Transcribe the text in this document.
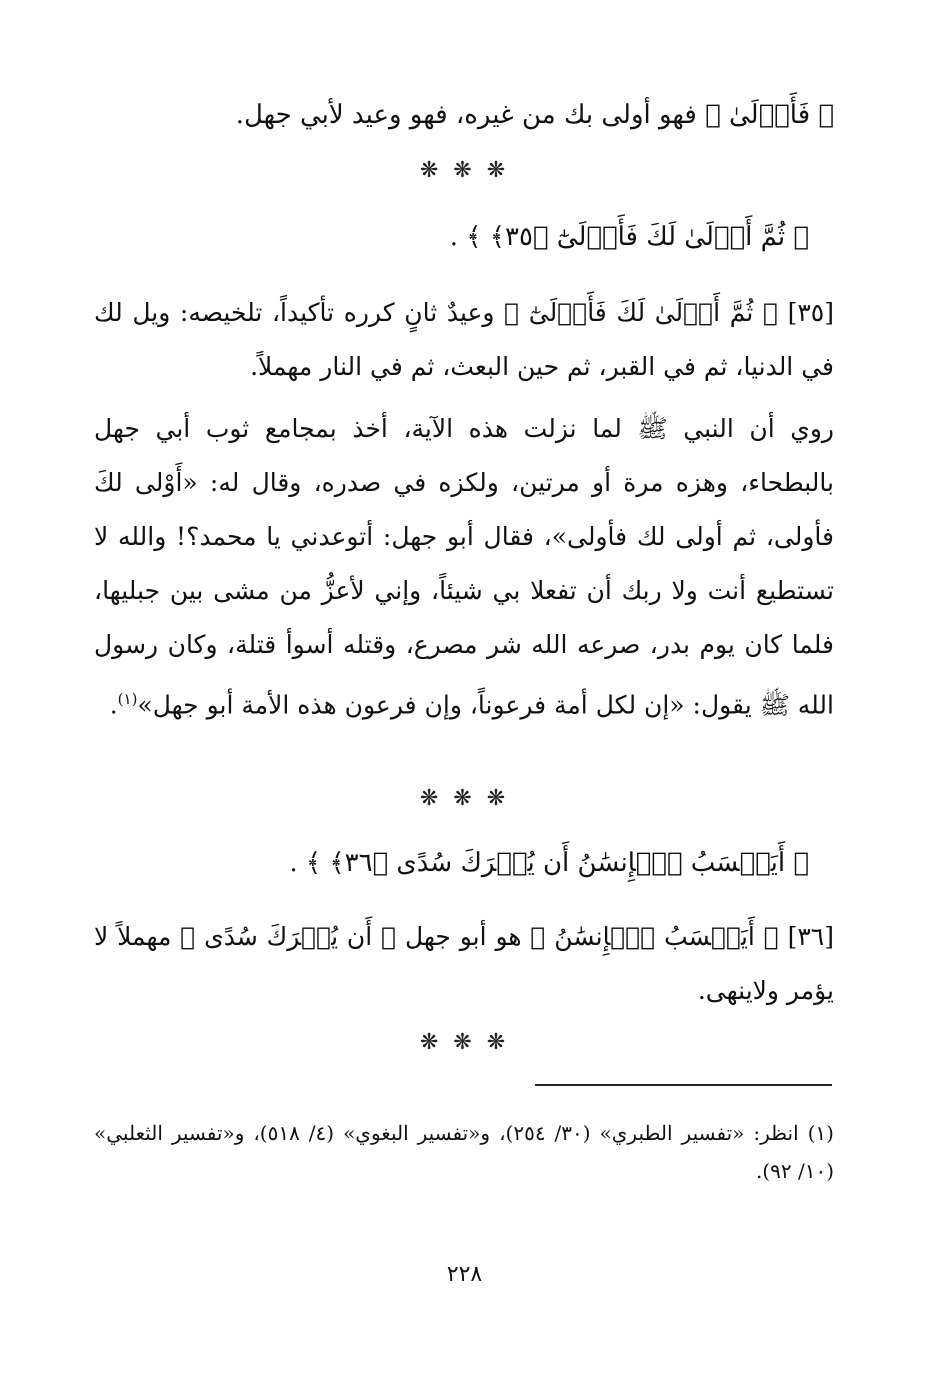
﴿ فَأَوۡلَىٰ ﴾ فهو أولى بك من غيره، فهو وعيد لأبي جهل.
❋ ❋ ❋
﴿ ثُمَّ أَوۡلَىٰ لَكَ فَأَوۡلَىٰٓ ﴿٣٥﴾ ﴾ .
[٣٥] ﴿ ثُمَّ أَوۡلَىٰ لَكَ فَأَوۡلَىٰٓ ﴾ وعيدٌ ثانٍ كرره تأكيداً، تلخيصه: ويل لك في الدنيا، ثم في القبر، ثم حين البعث، ثم في النار مهملاً.
روي أن النبي ﷺ لما نزلت هذه الآية، أخذ بمجامع ثوب أبي جهل بالبطحاء، وهزه مرة أو مرتين، ولكزه في صدره، وقال له: «أَوْلى لكَ فأولى، ثم أولى لك فأولى»، فقال أبو جهل: أتوعدني يا محمد؟! والله لا تستطيع أنت ولا ربك أن تفعلا بي شيئاً، وإني لأعزُّ من مشى بين جبليها، فلما كان يوم بدر، صرعه الله شر مصرع، وقتله أسوأ قتلة، وكان رسول الله ﷺ يقول: «إن لكل أمة فرعوناً، وإن فرعون هذه الأمة أبو جهل»$^{(١)}$.
❋ ❋ ❋
﴿ أَيَحۡسَبُ ٱلۡإِنسَٰنُ أَن يُتۡرَكَ سُدًى ﴿٣٦﴾ ﴾ .
[٣٦] ﴿ أَيَحۡسَبُ ٱلۡإِنسَٰنُ ﴾ هو أبو جهل ﴿ أَن يُتۡرَكَ سُدًى ﴾ مهملاً لا يؤمر ولاينهى.
❋ ❋ ❋
(١) انظر: «تفسير الطبري» (٣٠/ ٢٥٤)، و«تفسير البغوي» (٤/ ٥١٨)، و«تفسير الثعلبي» (١٠/ ٩٢).
٢٢٨
